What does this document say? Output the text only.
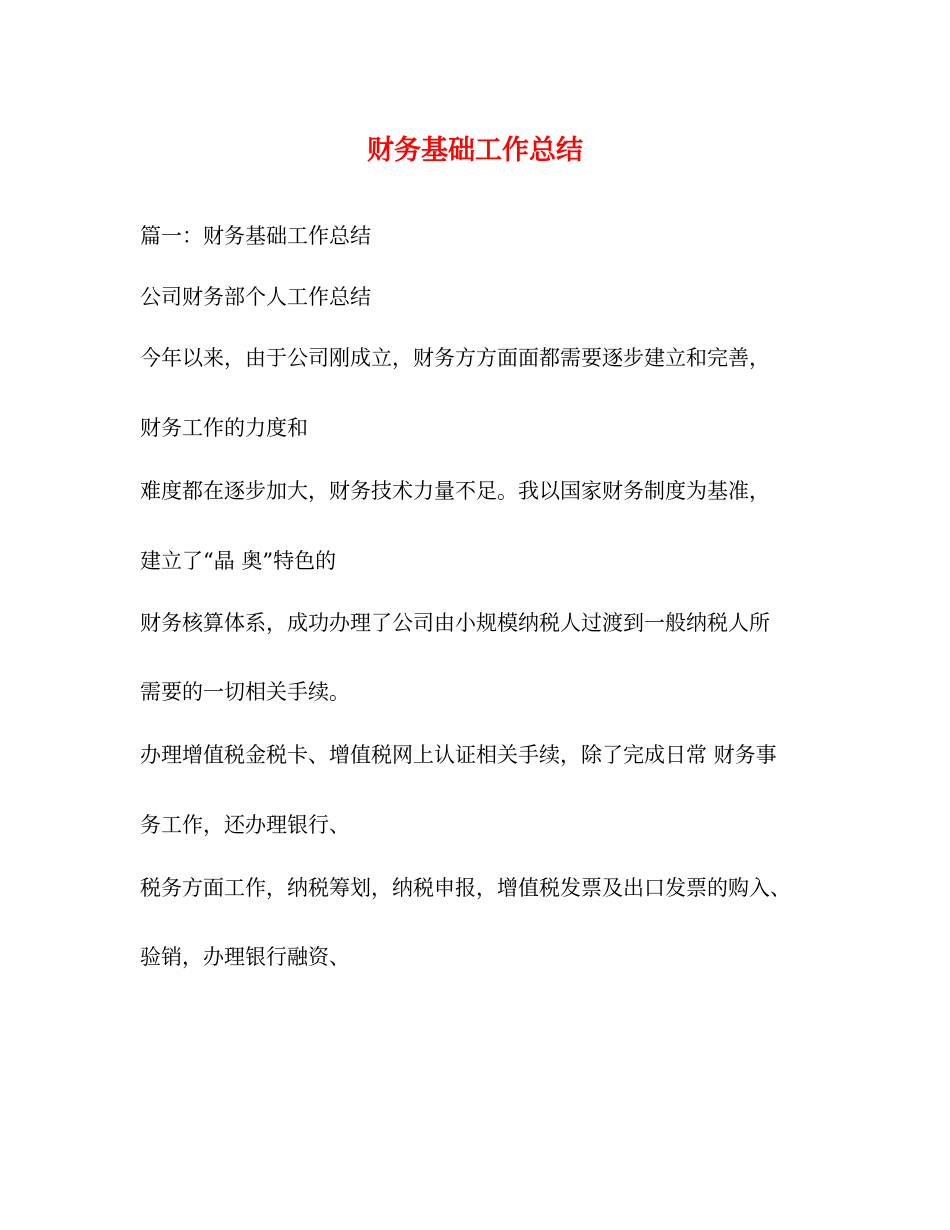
财务基础工作总结

篇一：财务基础工作总结

公司财务部个人工作总结

今年以来，由于公司刚成立，财务方方面面都需要逐步建立和完善，

财务工作的力度和

难度都在逐步加大，财务技术力量不足。我以国家财务制度为基准，

建立了“晶 奥”特色的

财务核算体系，成功办理了公司由小规模纳税人过渡到一般纳税人所

需要的一切相关手续。

办理增值税金税卡、增值税网上认证相关手续，除了完成日常 财务事

务工作，还办理银行、

税务方面工作，纳税筹划，纳税申报，增值税发票及出口发票的购入、

验销，办理银行融资、
